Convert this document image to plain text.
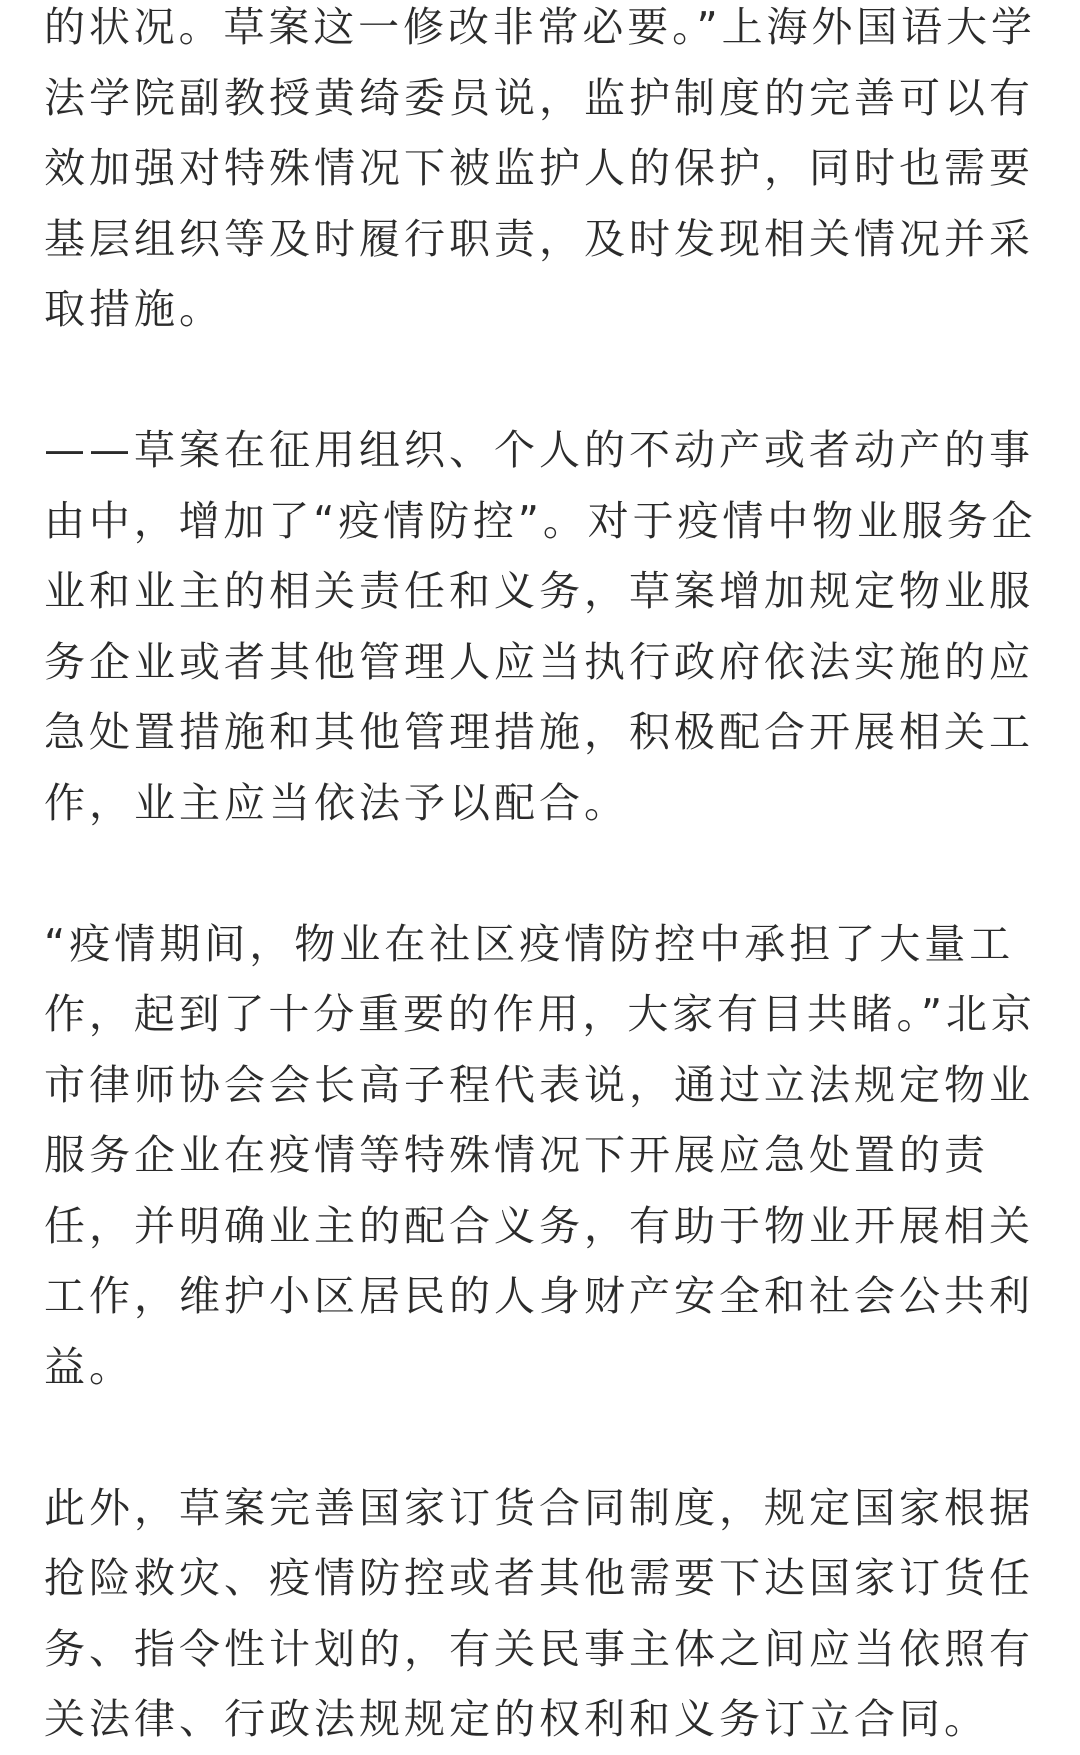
的状况。草案这一修改非常必要。”上海外国语大学
法学院副教授黄绮委员说，监护制度的完善可以有
效加强对特殊情况下被监护人的保护，同时也需要
基层组织等及时履行职责，及时发现相关情况并采
取措施。

——草案在征用组织、个人的不动产或者动产的事
由中，增加了“疫情防控”。对于疫情中物业服务企
业和业主的相关责任和义务，草案增加规定物业服
务企业或者其他管理人应当执行政府依法实施的应
急处置措施和其他管理措施，积极配合开展相关工
作，业主应当依法予以配合。

“疫情期间，物业在社区疫情防控中承担了大量工
作，起到了十分重要的作用，大家有目共睹。”北京
市律师协会会长高子程代表说，通过立法规定物业
服务企业在疫情等特殊情况下开展应急处置的责
任，并明确业主的配合义务，有助于物业开展相关
工作，维护小区居民的人身财产安全和社会公共利
益。

此外，草案完善国家订货合同制度，规定国家根据
抢险救灾、疫情防控或者其他需要下达国家订货任
务、指令性计划的，有关民事主体之间应当依照有
关法律、行政法规规定的权利和义务订立合同。
